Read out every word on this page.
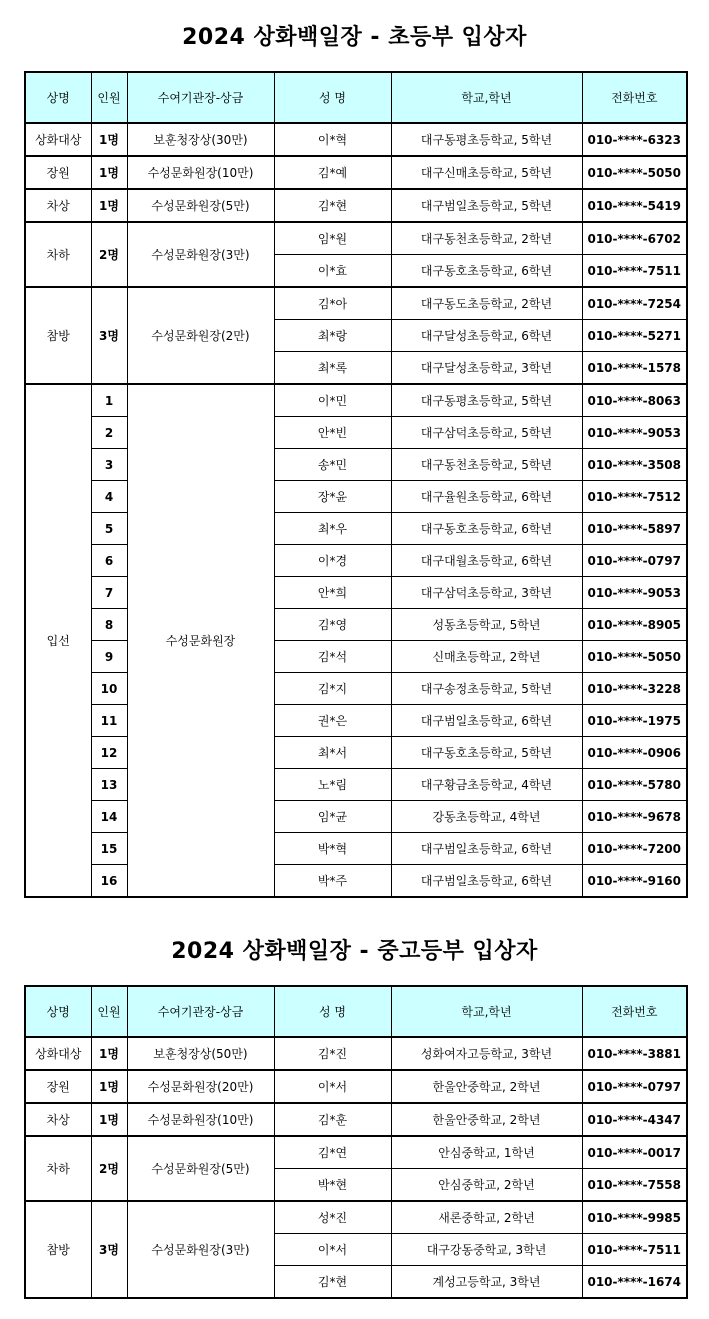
2024 상화백일장 - 초등부 입상자
상명	인원	수여기관장-상금	성 명	학교,학년	전화번호
상화대상	1명	보훈청장상(30만)	이*혁	대구동평초등학교, 5학년	010-****-6323
장원	1명	수성문화원장(10만)	김*예	대구신매초등학교, 5학년	010-****-5050
차상	1명	수성문화원장(5만)	김*현	대구범일초등학교, 5학년	010-****-5419
차하	2명	수성문화원장(3만)	임*원	대구동천초등학교, 2학년	010-****-6702
			이*효	대구동호초등학교, 6학년	010-****-7511
참방	3명	수성문화원장(2만)	김*아	대구동도초등학교, 2학년	010-****-7254
			최*랑	대구달성초등학교, 6학년	010-****-5271
			최*록	대구달성초등학교, 3학년	010-****-1578
입선	1	수성문화원장	이*민	대구동평초등학교, 5학년	010-****-8063
	2		안*빈	대구삼덕초등학교, 5학년	010-****-9053
	3		송*민	대구동천초등학교, 5학년	010-****-3508
	4		장*윤	대구율원초등학교, 6학년	010-****-7512
	5		최*우	대구동호초등학교, 6학년	010-****-5897
	6		이*경	대구대월초등학교, 6학년	010-****-0797
	7		안*희	대구삼덕초등학교, 3학년	010-****-9053
	8		김*영	성동초등학교, 5학년	010-****-8905
	9		김*석	신매초등학교, 2학년	010-****-5050
	10		김*지	대구송정초등학교, 5학년	010-****-3228
	11		권*은	대구범일초등학교, 6학년	010-****-1975
	12		최*서	대구동호초등학교, 5학년	010-****-0906
	13		노*림	대구황금초등학교, 4학년	010-****-5780
	14		임*균	강동초등학교, 4학년	010-****-9678
	15		박*혁	대구범일초등학교, 6학년	010-****-7200
	16		박*주	대구범일초등학교, 6학년	010-****-9160
2024 상화백일장 - 중고등부 입상자
상명	인원	수여기관장-상금	성 명	학교,학년	전화번호
상화대상	1명	보훈청장상(50만)	김*진	성화여자고등학교, 3학년	010-****-3881
장원	1명	수성문화원장(20만)	이*서	한울안중학교, 2학년	010-****-0797
차상	1명	수성문화원장(10만)	김*훈	한울안중학교, 2학년	010-****-4347
차하	2명	수성문화원장(5만)	김*연	안심중학교, 1학년	010-****-0017
			박*현	안심중학교, 2학년	010-****-7558
참방	3명	수성문화원장(3만)	성*진	새론중학교, 2학년	010-****-9985
			이*서	대구강동중학교, 3학년	010-****-7511
			김*현	계성고등학교, 3학년	010-****-1674
